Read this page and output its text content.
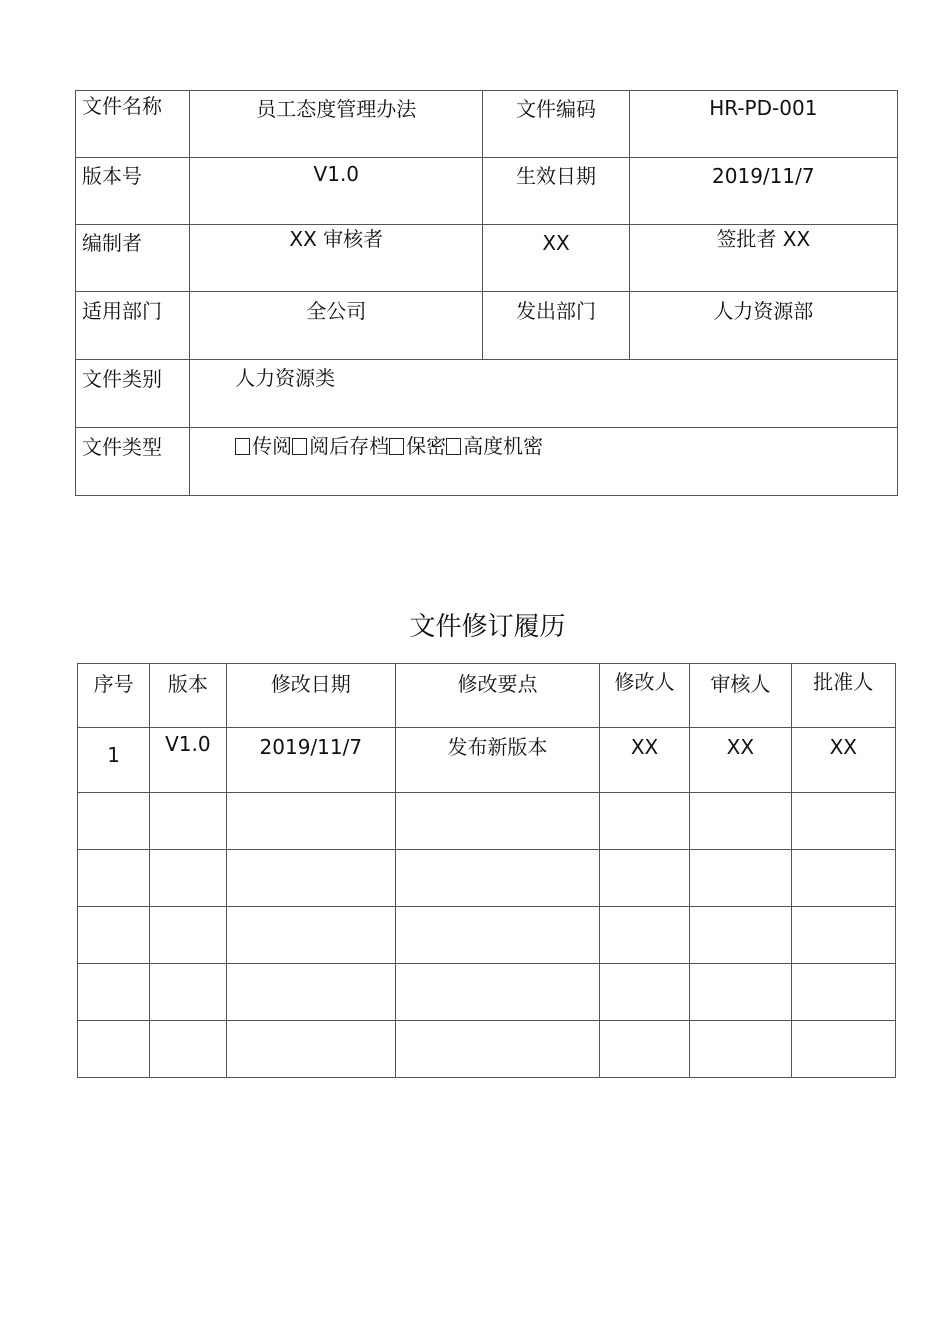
文件名称	员工态度管理办法	文件编码	HR-PD-001
版本号	V1.0	生效日期	2019/11/7
编制者	XX 审核者	XX	签批者 XX
适用部门	全公司	发出部门	人力资源部
文件类别	人力资源类		
文件类型	传阅 阅后存档 保密 高度机密		
文件修订履历
序号	版本	修改日期	修改要点	修改人	审核人	批准人
1	V1.0	2019/11/7	发布新版本	XX	XX	XX
